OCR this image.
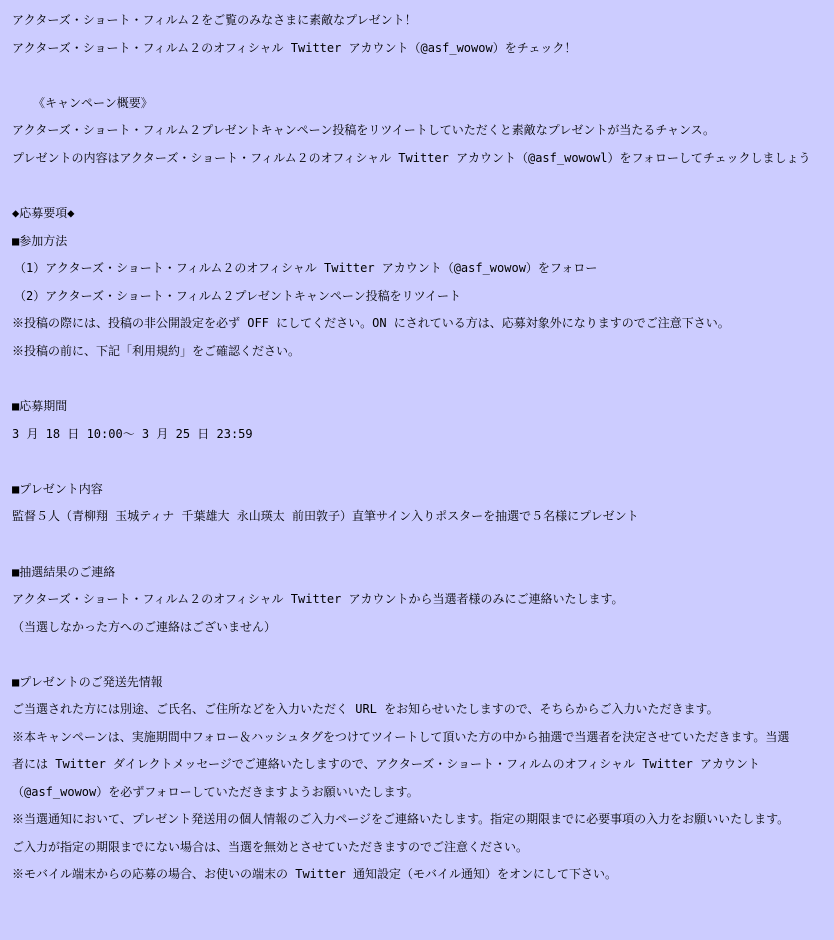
アクターズ・ショート・フィルム２をご覧のみなさまに素敵なプレゼント！
アクターズ・ショート・フィルム２のオフィシャル Twitter アカウント（@asf_wowow）をチェック！
《キャンペーン概要》
アクターズ・ショート・フィルム２プレゼントキャンペーン投稿をリツイートしていただくと素敵なプレゼントが当たるチャンス。
プレゼントの内容はアクターズ・ショート・フィルム２のオフィシャル Twitter アカウント（@asf_wowowl）をフォローしてチェックしましょう
◆応募要項◆
■参加方法
（1）アクターズ・ショート・フィルム２のオフィシャル Twitter アカウント（@asf_wowow）をフォロー
（2）アクターズ・ショート・フィルム２プレゼントキャンペーン投稿をリツイート
※投稿の際には、投稿の非公開設定を必ず OFF にしてください。ON にされている方は、応募対象外になりますのでご注意下さい。
※投稿の前に、下記「利用規約」をご確認ください。
■応募期間
3 月 18 日 10:00～ 3 月 25 日 23:59
■プレゼント内容
監督５人（青柳翔 玉城ティナ 千葉雄大 永山瑛太 前田敦子）直筆サイン入りポスターを抽選で５名様にプレゼント
■抽選結果のご連絡
アクターズ・ショート・フィルム２のオフィシャル Twitter アカウントから当選者様のみにご連絡いたします。
（当選しなかった方へのご連絡はございません）
■プレゼントのご発送先情報
ご当選された方には別途、ご氏名、ご住所などを入力いただく URL をお知らせいたしますので、そちらからご入力いただきます。
※本キャンペーンは、実施期間中フォロー＆ハッシュタグをつけてツイートして頂いた方の中から抽選で当選者を決定させていただきます。当選
者には Twitter ダイレクトメッセージでご連絡いたしますので、アクターズ・ショート・フィルムのオフィシャル Twitter アカウント
（@asf_wowow）を必ずフォローしていただきますようお願いいたします。
※当選通知において、プレゼント発送用の個人情報のご入力ページをご連絡いたします。指定の期限までに必要事項の入力をお願いいたします。
ご入力が指定の期限までにない場合は、当選を無効とさせていただきますのでご注意ください。
※モバイル端末からの応募の場合、お使いの端末の Twitter 通知設定（モバイル通知）をオンにして下さい。
